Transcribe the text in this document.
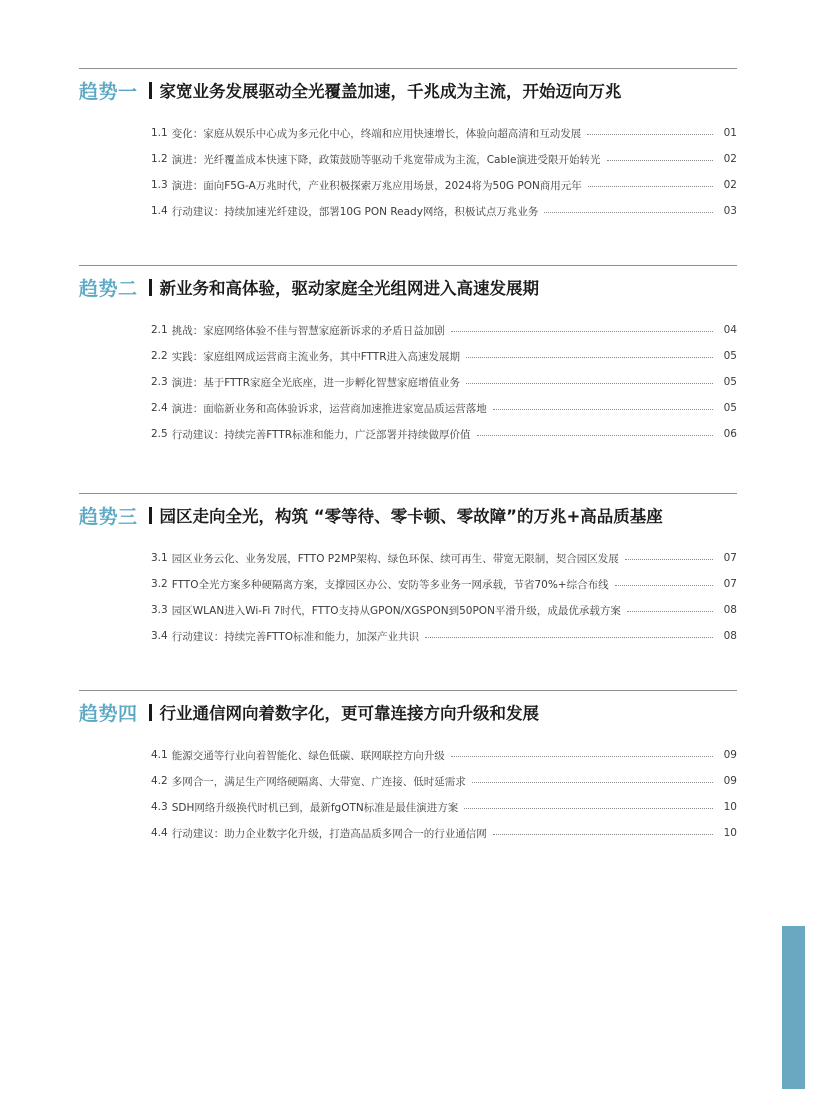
趋势一 家宽业务发展驱动全光覆盖加速，千兆成为主流，开始迈向万兆
1.1 变化：家庭从娱乐中心成为多元化中心，终端和应用快速增长，体验向超高清和互动发展	01
1.2 演进：光纤覆盖成本快速下降，政策鼓励等驱动千兆宽带成为主流，Cable演进受限开始转光	02
1.3 演进：面向F5G-A万兆时代，产业积极探索万兆应用场景，2024将为50G PON商用元年	02
1.4 行动建议：持续加速光纤建设，部署10G PON Ready网络，积极试点万兆业务	03
趋势二 新业务和高体验，驱动家庭全光组网进入高速发展期
2.1 挑战：家庭网络体验不佳与智慧家庭新诉求的矛盾日益加剧	04
2.2 实践：家庭组网成运营商主流业务，其中FTTR进入高速发展期	05
2.3 演进：基于FTTR家庭全光底座，进一步孵化智慧家庭增值业务	05
2.4 演进：面临新业务和高体验诉求，运营商加速推进家宽品质运营落地	05
2.5 行动建议：持续完善FTTR标准和能力，广泛部署并持续做厚价值	06
趋势三 园区走向全光，构筑 “零等待、零卡顿、零故障”的万兆+高品质基座
3.1 园区业务云化、业务发展，FTTO P2MP架构、绿色环保、续可再生、带宽无限制，契合园区发展	07
3.2 FTTO全光方案多种硬隔离方案，支撑园区办公、安防等多业务一网承载，节省70%+综合布线	07
3.3 园区WLAN进入Wi-Fi 7时代，FTTO支持从GPON/XGSPON到50PON平滑升级，成最优承载方案	08
3.4 行动建议：持续完善FTTO标准和能力，加深产业共识	08
趋势四 行业通信网向着数字化，更可靠连接方向升级和发展
4.1 能源交通等行业向着智能化、绿色低碳、联网联控方向升级	09
4.2 多网合一，满足生产网络硬隔离、大带宽、广连接、低时延需求	09
4.3 SDH网络升级换代时机已到，最新fgOTN标准是最佳演进方案	10
4.4 行动建议：助力企业数字化升级，打造高品质多网合一的行业通信网	10
